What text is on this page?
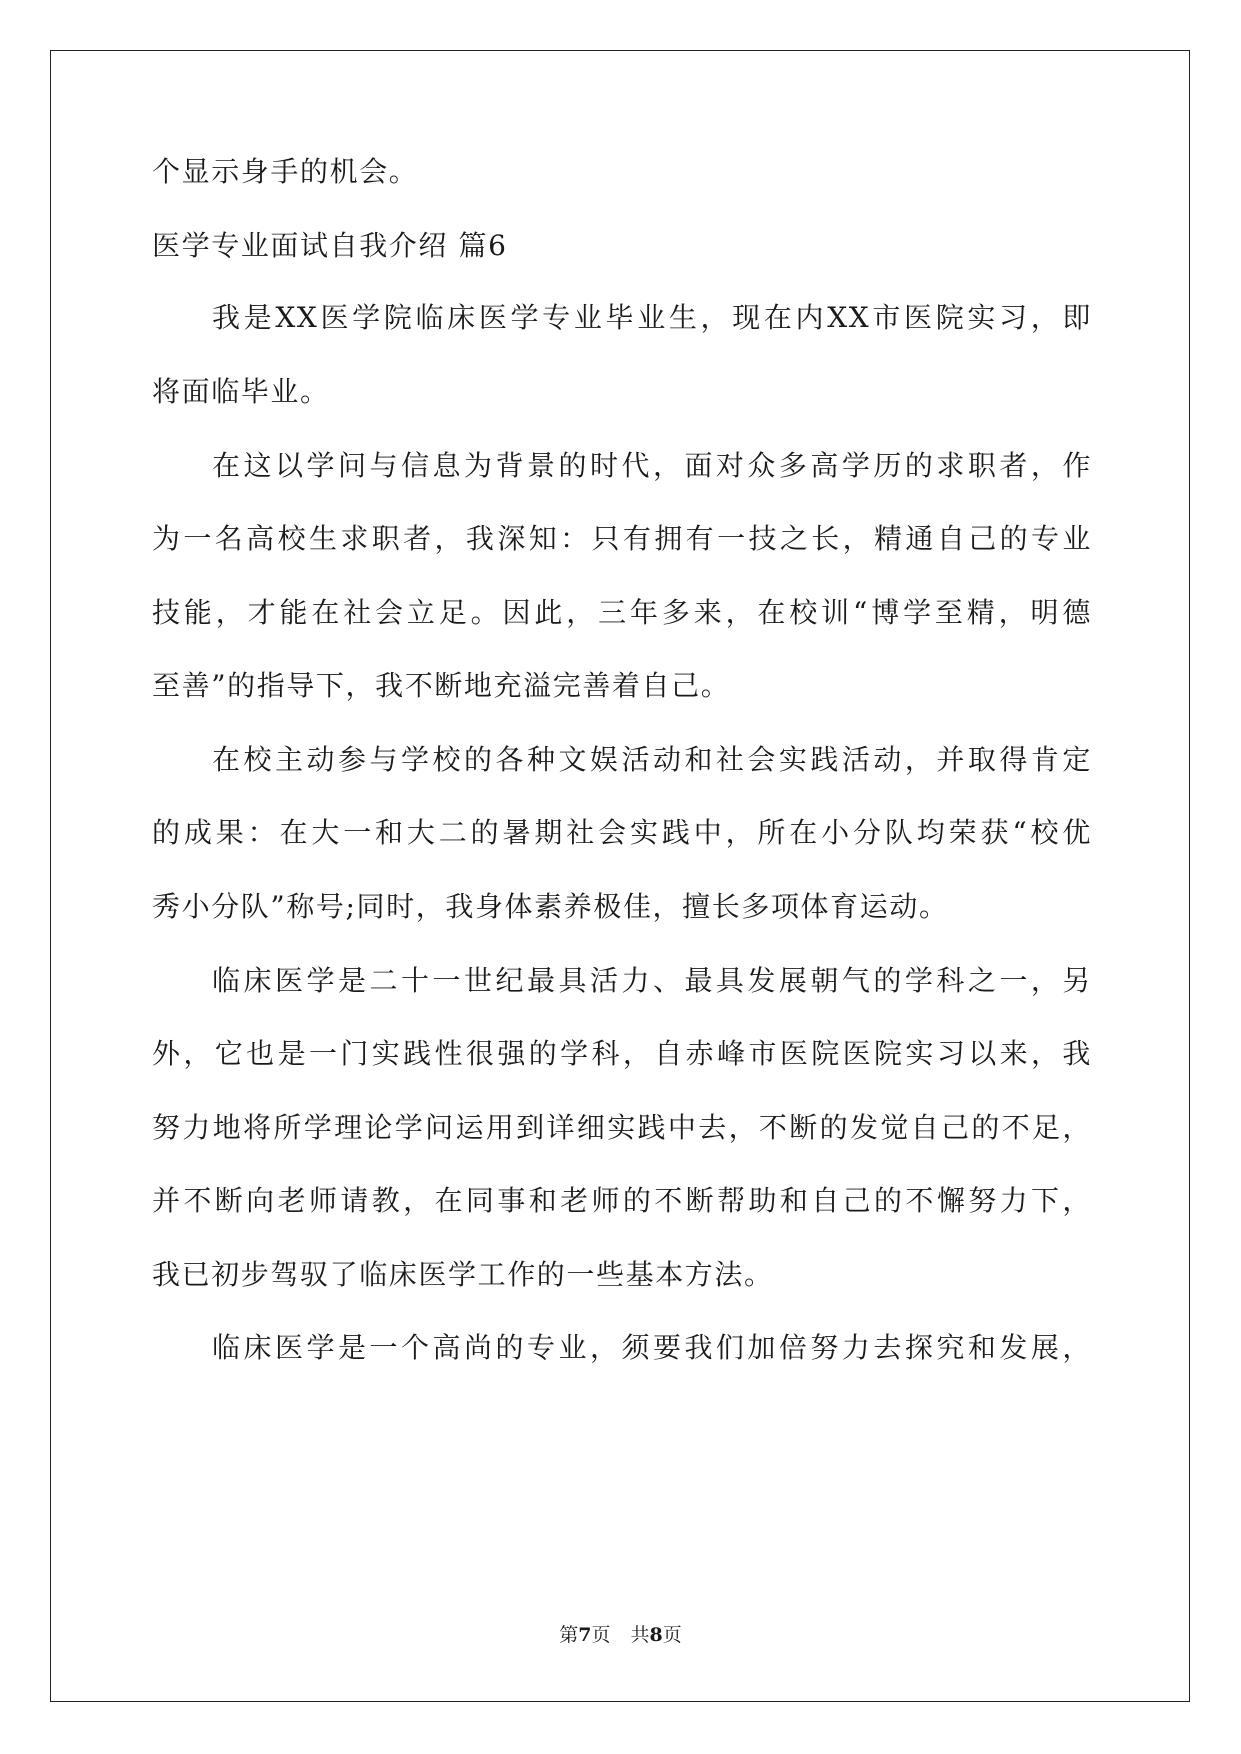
个显示身手的机会。
医学专业面试自我介绍 篇6
我是XX医学院临床医学专业毕业生，现在内XX市医院实习，即
将面临毕业。
在这以学问与信息为背景的时代，面对众多高学历的求职者，作
为一名高校生求职者，我深知：只有拥有一技之长，精通自己的专业
技能，才能在社会立足。因此，三年多来，在校训“博学至精，明德
至善”的指导下，我不断地充溢完善着自己。
在校主动参与学校的各种文娱活动和社会实践活动，并取得肯定
的成果：在大一和大二的暑期社会实践中，所在小分队均荣获“校优
秀小分队”称号;同时，我身体素养极佳，擅长多项体育运动。
临床医学是二十一世纪最具活力、最具发展朝气的学科之一，另
外，它也是一门实践性很强的学科，自赤峰市医院医院实习以来，我
努力地将所学理论学问运用到详细实践中去，不断的发觉自己的不足，
并不断向老师请教，在同事和老师的不断帮助和自己的不懈努力下，
我已初步驾驭了临床医学工作的一些基本方法。
临床医学是一个高尚的专业，须要我们加倍努力去探究和发展，
第7页 共8页
